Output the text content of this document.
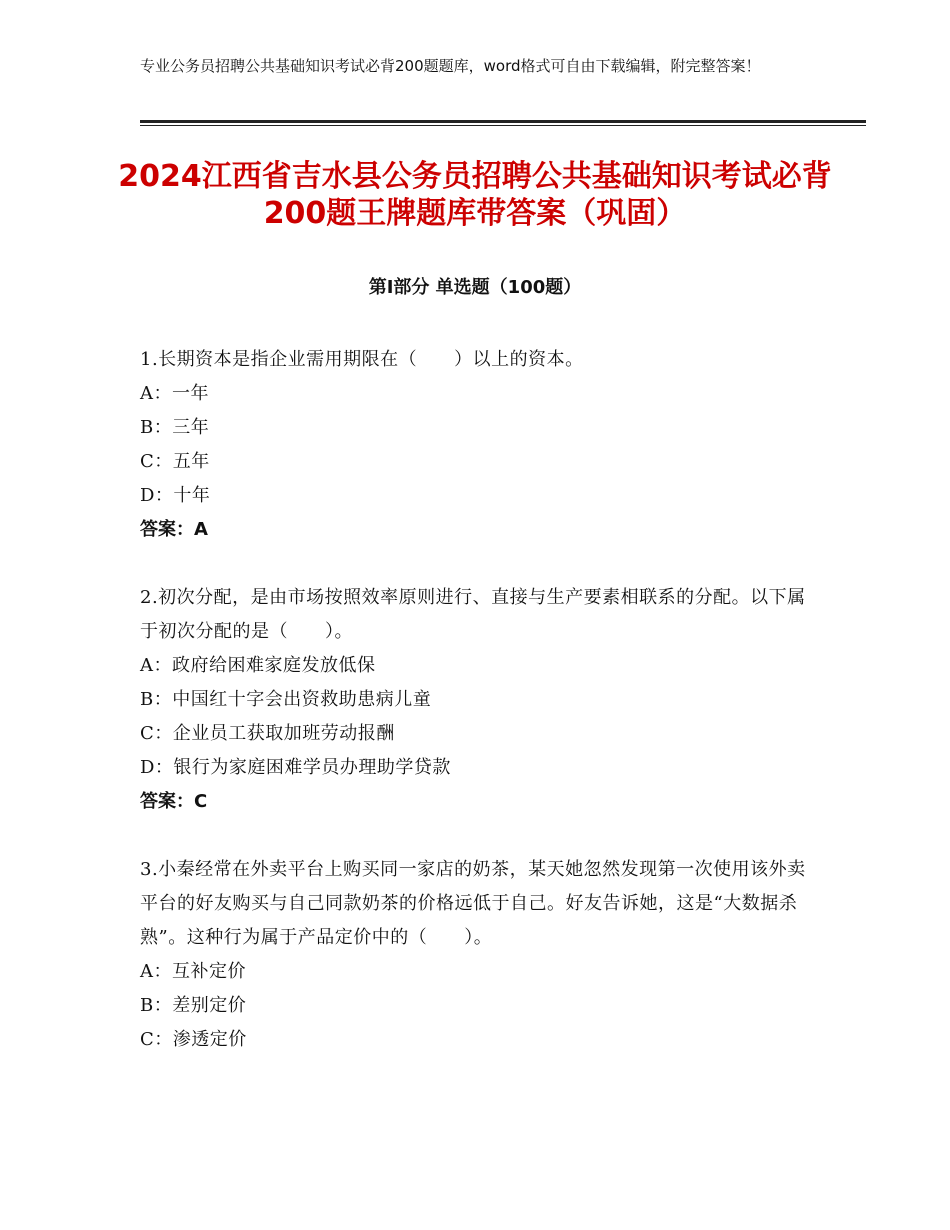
专业公务员招聘公共基础知识考试必背200题题库，word格式可自由下载编辑，附完整答案！
2024江西省吉水县公务员招聘公共基础知识考试必背200题王牌题库带答案（巩固）
第Ⅰ部分 单选题（100题）
1.长期资本是指企业需用期限在（　　）以上的资本。
A：一年
B：三年
C：五年
D：十年
答案：A
2.初次分配，是由市场按照效率原则进行、直接与生产要素相联系的分配。以下属于初次分配的是（　　）。
A：政府给困难家庭发放低保
B：中国红十字会出资救助患病儿童
C：企业员工获取加班劳动报酬
D：银行为家庭困难学员办理助学贷款
答案：C
3.小秦经常在外卖平台上购买同一家店的奶茶，某天她忽然发现第一次使用该外卖平台的好友购买与自己同款奶茶的价格远低于自己。好友告诉她，这是“大数据杀熟”。这种行为属于产品定价中的（　　）。
A：互补定价
B：差别定价
C：渗透定价
